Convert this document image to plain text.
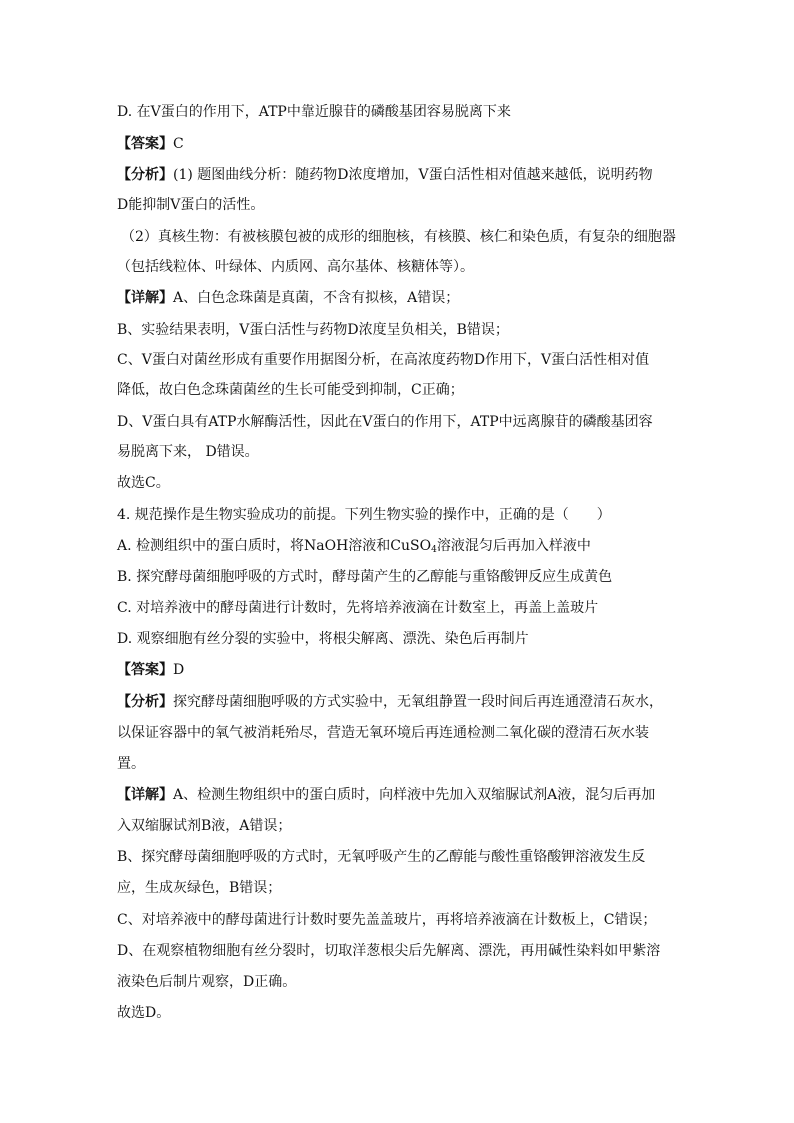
D. 在V蛋白的作用下，ATP中靠近腺苷的磷酸基团容易脱离下来
【答案】C
【分析】(1) 题图曲线分析：随药物D浓度增加，V蛋白活性相对值越来越低，说明药物
D能抑制V蛋白的活性。
（2）真核生物：有被核膜包被的成形的细胞核，有核膜、核仁和染色质，有复杂的细胞器
（包括线粒体、叶绿体、内质网、高尔基体、核糖体等）。
【详解】A、白色念珠菌是真菌，不含有拟核，A错误；
B、实验结果表明，V蛋白活性与药物D浓度呈负相关，B错误；
C、V蛋白对菌丝形成有重要作用据图分析，在高浓度药物D作用下，V蛋白活性相对值
降低，故白色念珠菌菌丝的生长可能受到抑制，C正确；
D、V蛋白具有ATP水解酶活性，因此在V蛋白的作用下，ATP中远离腺苷的磷酸基团容
易脱离下来， D错误。
故选C。
4. 规范操作是生物实验成功的前提。下列生物实验的操作中，正确的是（　　）
A. 检测组织中的蛋白质时，将NaOH溶液和CuSO$_4$溶液混匀后再加入样液中
B. 探究酵母菌细胞呼吸的方式时，酵母菌产生的乙醇能与重铬酸钾反应生成黄色
C. 对培养液中的酵母菌进行计数时，先将培养液滴在计数室上，再盖上盖玻片
D. 观察细胞有丝分裂的实验中，将根尖解离、漂洗、染色后再制片
【答案】D
【分析】探究酵母菌细胞呼吸的方式实验中，无氧组静置一段时间后再连通澄清石灰水，
以保证容器中的氧气被消耗殆尽，营造无氧环境后再连通检测二氧化碳的澄清石灰水装
置。
【详解】A、检测生物组织中的蛋白质时，向样液中先加入双缩脲试剂A液，混匀后再加
入双缩脲试剂B液，A错误；
B、探究酵母菌细胞呼吸的方式时，无氧呼吸产生的乙醇能与酸性重铬酸钾溶液发生反
应，生成灰绿色，B错误；
C、对培养液中的酵母菌进行计数时要先盖盖玻片，再将培养液滴在计数板上，C错误；
D、在观察植物细胞有丝分裂时，切取洋葱根尖后先解离、漂洗，再用碱性染料如甲紫溶
液染色后制片观察，D正确。
故选D。
